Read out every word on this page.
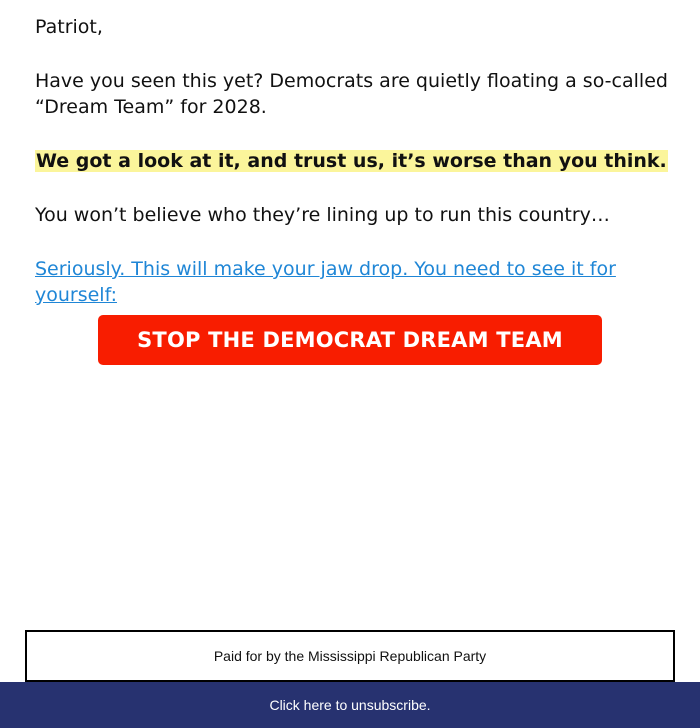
Patriot,

Have you seen this yet? Democrats are quietly floating a so-called “Dream Team” for 2028.

We got a look at it, and trust us, it’s worse than you think.

You won’t believe who they’re lining up to run this country…

Seriously. This will make your jaw drop. You need to see it for yourself:

STOP THE DEMOCRAT DREAM TEAM
Paid for by the Mississippi Republican Party
Click here to unsubscribe.
